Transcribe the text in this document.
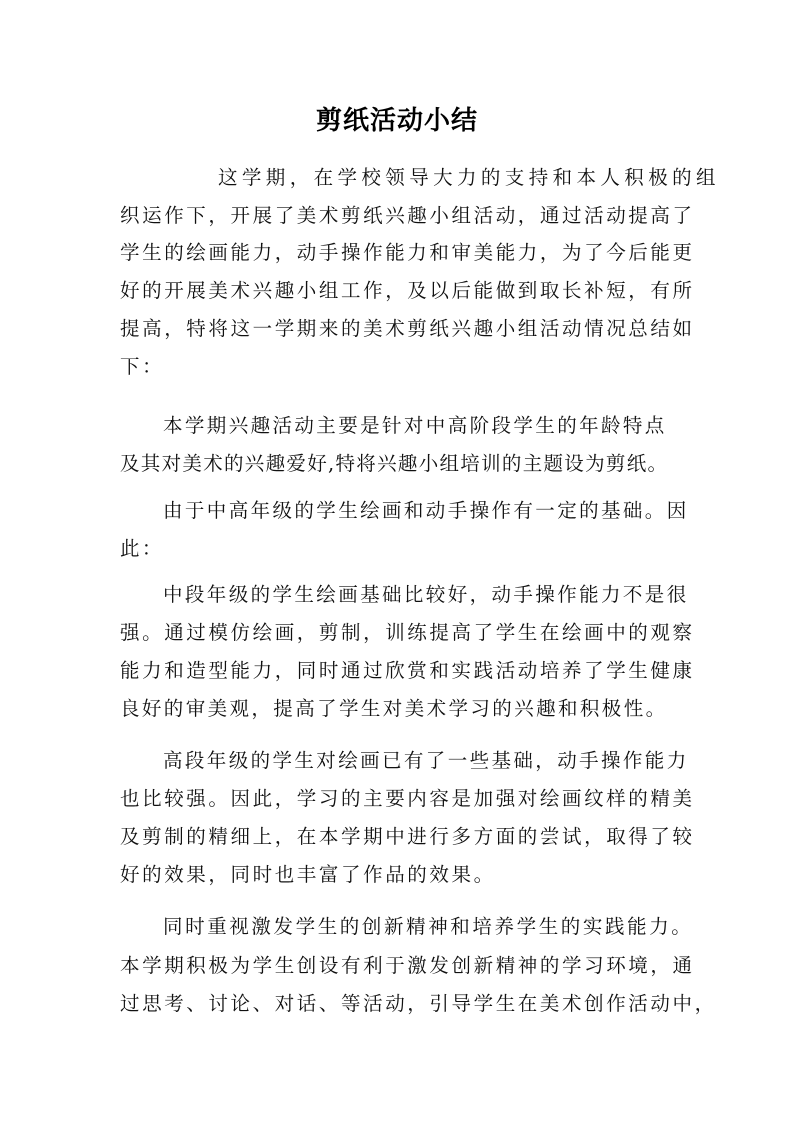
剪纸活动小结
这学期，在学校领导大力的支持和本人积极的组
织运作下，开展了美术剪纸兴趣小组活动，通过活动提高了
学生的绘画能力，动手操作能力和审美能力，为了今后能更
好的开展美术兴趣小组工作，及以后能做到取长补短，有所
提高，特将这一学期来的美术剪纸兴趣小组活动情况总结如
下：
本学期兴趣活动主要是针对中高阶段学生的年龄特点
及其对美术的兴趣爱好,特将兴趣小组培训的主题设为剪纸。
由于中高年级的学生绘画和动手操作有一定的基础。因
此：
中段年级的学生绘画基础比较好，动手操作能力不是很
强。通过模仿绘画，剪制，训练提高了学生在绘画中的观察
能力和造型能力，同时通过欣赏和实践活动培养了学生健康
良好的审美观，提高了学生对美术学习的兴趣和积极性。
高段年级的学生对绘画已有了一些基础，动手操作能力
也比较强。因此，学习的主要内容是加强对绘画纹样的精美
及剪制的精细上，在本学期中进行多方面的尝试，取得了较
好的效果，同时也丰富了作品的效果。
同时重视激发学生的创新精神和培养学生的实践能力。
本学期积极为学生创设有利于激发创新精神的学习环境，通
过思考、讨论、对话、等活动，引导学生在美术创作活动中，
